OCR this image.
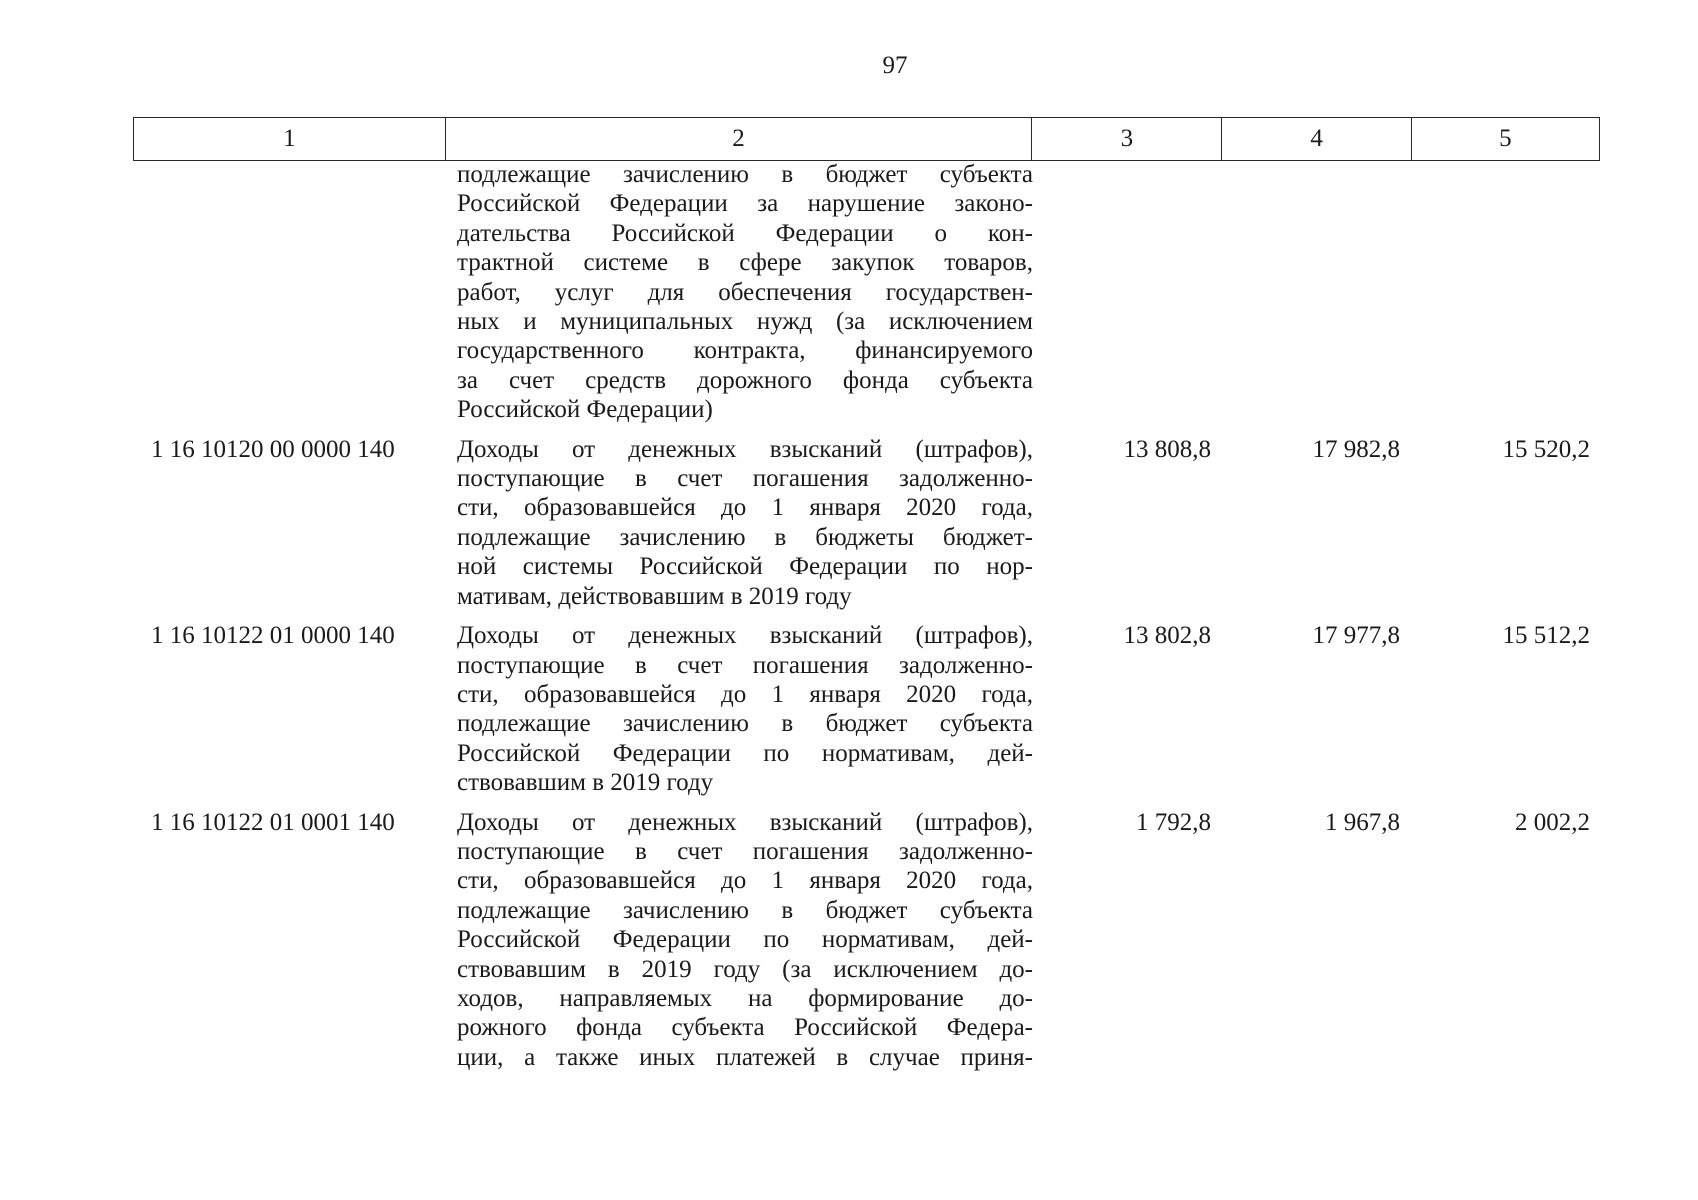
97
1	2	3	4	5
подлежащие зачислению в бюджет субъекта
Российской Федерации за нарушение законо-
дательства Российской Федерации о кон-
трактной системе в сфере закупок товаров,
работ, услуг для обеспечения государствен-
ных и муниципальных нужд (за исключением
государственного контракта, финансируемого
за счет средств дорожного фонда субъекта
Российской Федерации)
1 16 10120 00 0000 140	Доходы от денежных взысканий (штрафов),
поступающие в счет погашения задолженно-
сти, образовавшейся до 1 января 2020 года,
подлежащие зачислению в бюджеты бюджет-
ной системы Российской Федерации по нор-
мативам, действовавшим в 2019 году
13 808,8	17 982,8	15 520,2
1 16 10122 01 0000 140	Доходы от денежных взысканий (штрафов),
поступающие в счет погашения задолженно-
сти, образовавшейся до 1 января 2020 года,
подлежащие зачислению в бюджет субъекта
Российской Федерации по нормативам, дей-
ствовавшим в 2019 году
13 802,8	17 977,8	15 512,2
1 16 10122 01 0001 140	Доходы от денежных взысканий (штрафов),
поступающие в счет погашения задолженно-
сти, образовавшейся до 1 января 2020 года,
подлежащие зачислению в бюджет субъекта
Российской Федерации по нормативам, дей-
ствовавшим в 2019 году (за исключением до-
ходов, направляемых на формирование до-
рожного фонда субъекта Российской Федера-
ции, а также иных платежей в случае приня-
1 792,8	1 967,8	2 002,2
